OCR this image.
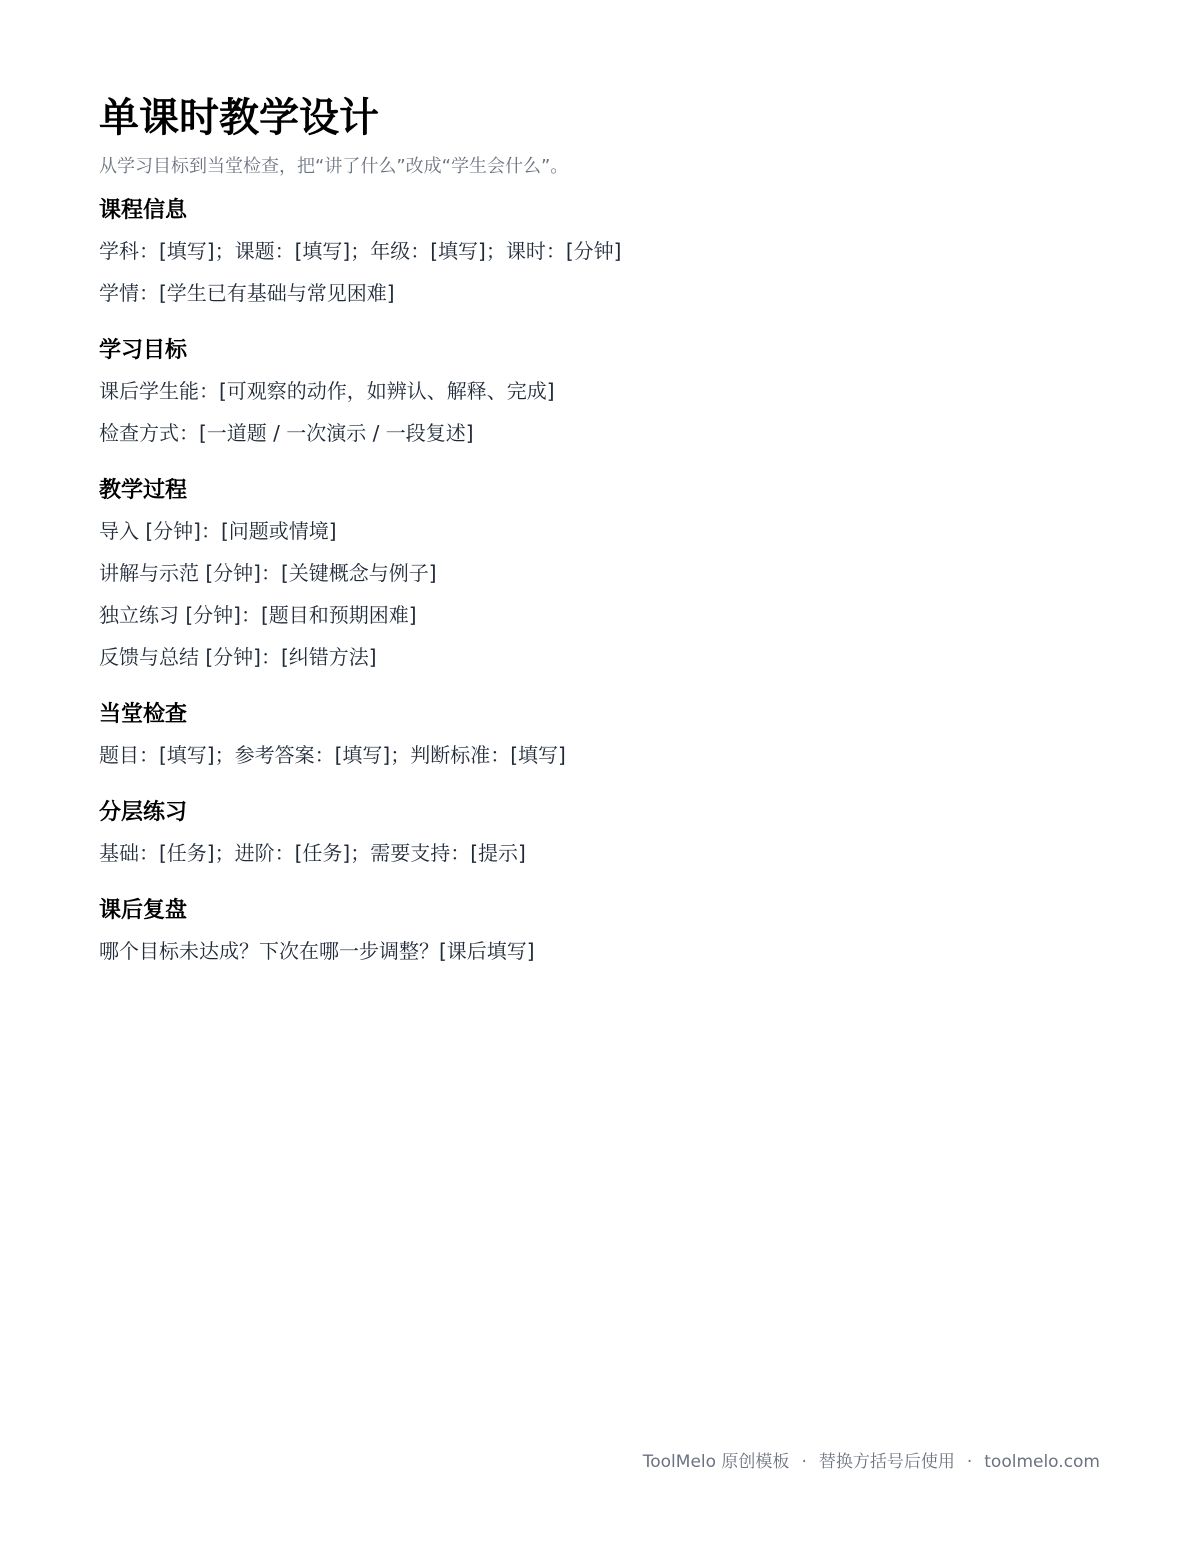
单课时教学设计

从学习目标到当堂检查，把“讲了什么”改成“学生会什么”。

课程信息

学科：[填写]；课题：[填写]；年级：[填写]；课时：[分钟]

学情：[学生已有基础与常见困难]

学习目标

课后学生能：[可观察的动作，如辨认、解释、完成]

检查方式：[一道题 / 一次演示 / 一段复述]

教学过程

导入 [分钟]：[问题或情境]

讲解与示范 [分钟]：[关键概念与例子]

独立练习 [分钟]：[题目和预期困难]

反馈与总结 [分钟]：[纠错方法]

当堂检查

题目：[填写]；参考答案：[填写]；判断标准：[填写]

分层练习

基础：[任务]；进阶：[任务]；需要支持：[提示]

课后复盘

哪个目标未达成？下次在哪一步调整？[课后填写]

ToolMelo 原创模板 · 替换方括号后使用 · toolmelo.com
